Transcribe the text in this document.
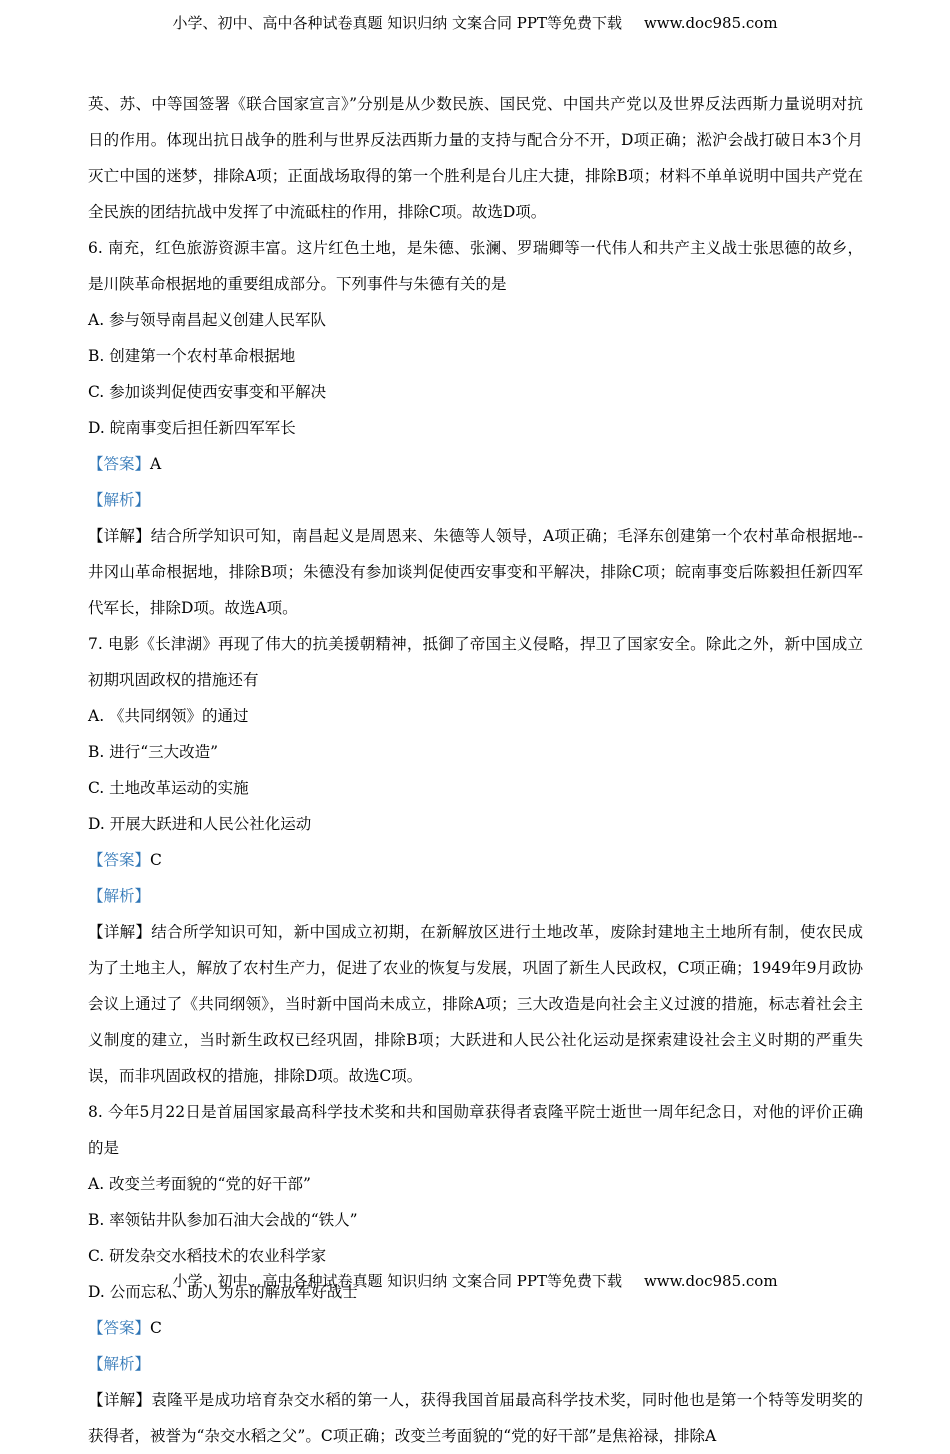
小学、初中、高中各种试卷真题 知识归纳 文案合同 PPT等免费下载 www.doc985.com

英、苏、中等国签署《联合国家宣言》”分别是从少数民族、国民党、中国共产党以及世界反法西斯力量说明对抗日的作用。体现出抗日战争的胜利与世界反法西斯力量的支持与配合分不开，D项正确；淞沪会战打破日本3个月灭亡中国的迷梦，排除A项；正面战场取得的第一个胜利是台儿庄大捷，排除B项；材料不单单说明中国共产党在全民族的团结抗战中发挥了中流砥柱的作用，排除C项。故选D项。

6. 南充，红色旅游资源丰富。这片红色土地，是朱德、张澜、罗瑞卿等一代伟人和共产主义战士张思德的故乡，是川陕革命根据地的重要组成部分。下列事件与朱德有关的是

A. 参与领导南昌起义创建人民军队

B. 创建第一个农村革命根据地

C. 参加谈判促使西安事变和平解决

D. 皖南事变后担任新四军军长

【答案】A

【解析】

【详解】结合所学知识可知，南昌起义是周恩来、朱德等人领导，A项正确；毛泽东创建第一个农村革命根据地--井冈山革命根据地，排除B项；朱德没有参加谈判促使西安事变和平解决，排除C项；皖南事变后陈毅担任新四军代军长，排除D项。故选A项。

7. 电影《长津湖》再现了伟大的抗美援朝精神，抵御了帝国主义侵略，捍卫了国家安全。除此之外，新中国成立初期巩固政权的措施还有

A. 《共同纲领》的通过

B. 进行“三大改造”

C. 土地改革运动的实施

D. 开展大跃进和人民公社化运动

【答案】C

【解析】

【详解】结合所学知识可知，新中国成立初期，在新解放区进行土地改革，废除封建地主土地所有制，使农民成为了土地主人，解放了农村生产力，促进了农业的恢复与发展，巩固了新生人民政权，C项正确；1949年9月政协会议上通过了《共同纲领》，当时新中国尚未成立，排除A项；三大改造是向社会主义过渡的措施，标志着社会主义制度的建立，当时新生政权已经巩固，排除B项；大跃进和人民公社化运动是探索建设社会主义时期的严重失误，而非巩固政权的措施，排除D项。故选C项。

8. 今年5月22日是首届国家最高科学技术奖和共和国勋章获得者袁隆平院士逝世一周年纪念日，对他的评价正确的是

A. 改变兰考面貌的“党的好干部”

B. 率领钻井队参加石油大会战的“铁人”

C. 研发杂交水稻技术的农业科学家

D. 公而忘私、助人为乐的解放军好战士

【答案】C

【解析】

【详解】袁隆平是成功培育杂交水稻的第一人，获得我国首届最高科学技术奖，同时他也是第一个特等发明奖的获得者，被誉为“杂交水稻之父”。C项正确；改变兰考面貌的“党的好干部”是焦裕禄，排除A

小学、初中、高中各种试卷真题 知识归纳 文案合同 PPT等免费下载 www.doc985.com
